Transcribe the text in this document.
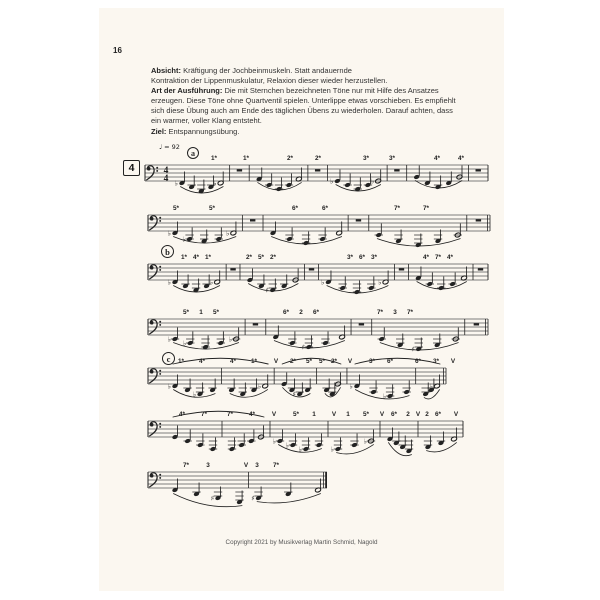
16
Absicht: Kräftigung der Jochbeinmuskeln. Statt andauernde
Kontraktion der Lippenmuskulatur, Relaxion dieser wieder herzustellen.
Art der Ausführung: Die mit Sternchen bezeichneten Töne nur mit Hilfe des Ansatzes
erzeugen. Diese Töne ohne Quartventil spielen. Unterlippe etwas vorschieben. Es empfiehlt
sich diese Übung auch am Ende des täglichen Übens zu wiederholen. Darauf achten, dass
ein warmer, voller Klang entsteht.
Ziel: Entspannungsübung.
♩ = 92
a
b
c
4	4
4 ♭	♭	♭	♭
1*	1*	2*	2*	3*	3*	4*	4*
♭
♭
♭
5*	5*	6*	6*	7*	7*
♭	♭
♯
♭	♭
1* 4* 1*	2* 5* 2*	3* 6* 3*	4* 7* 4*
♭ ♭	♭
♯	♯
5* 1 5*	6* 2 6*	7* 3 7*
♭
♭
♭
♯
♭
♭
♭
1* 4*	4* 1*	V 2* 5* 5* 2* V	3* 6*	6* 3* V
♭ ♭ ♭	♭
♭
4* 7*	7* 4*	V	5* 1	V 1 5* V 6* 2 V 2 6* V
♯	♯
7*	3	V 3 7*
Copyright 2021 by Musikverlag Martin Schmid, Nagold
